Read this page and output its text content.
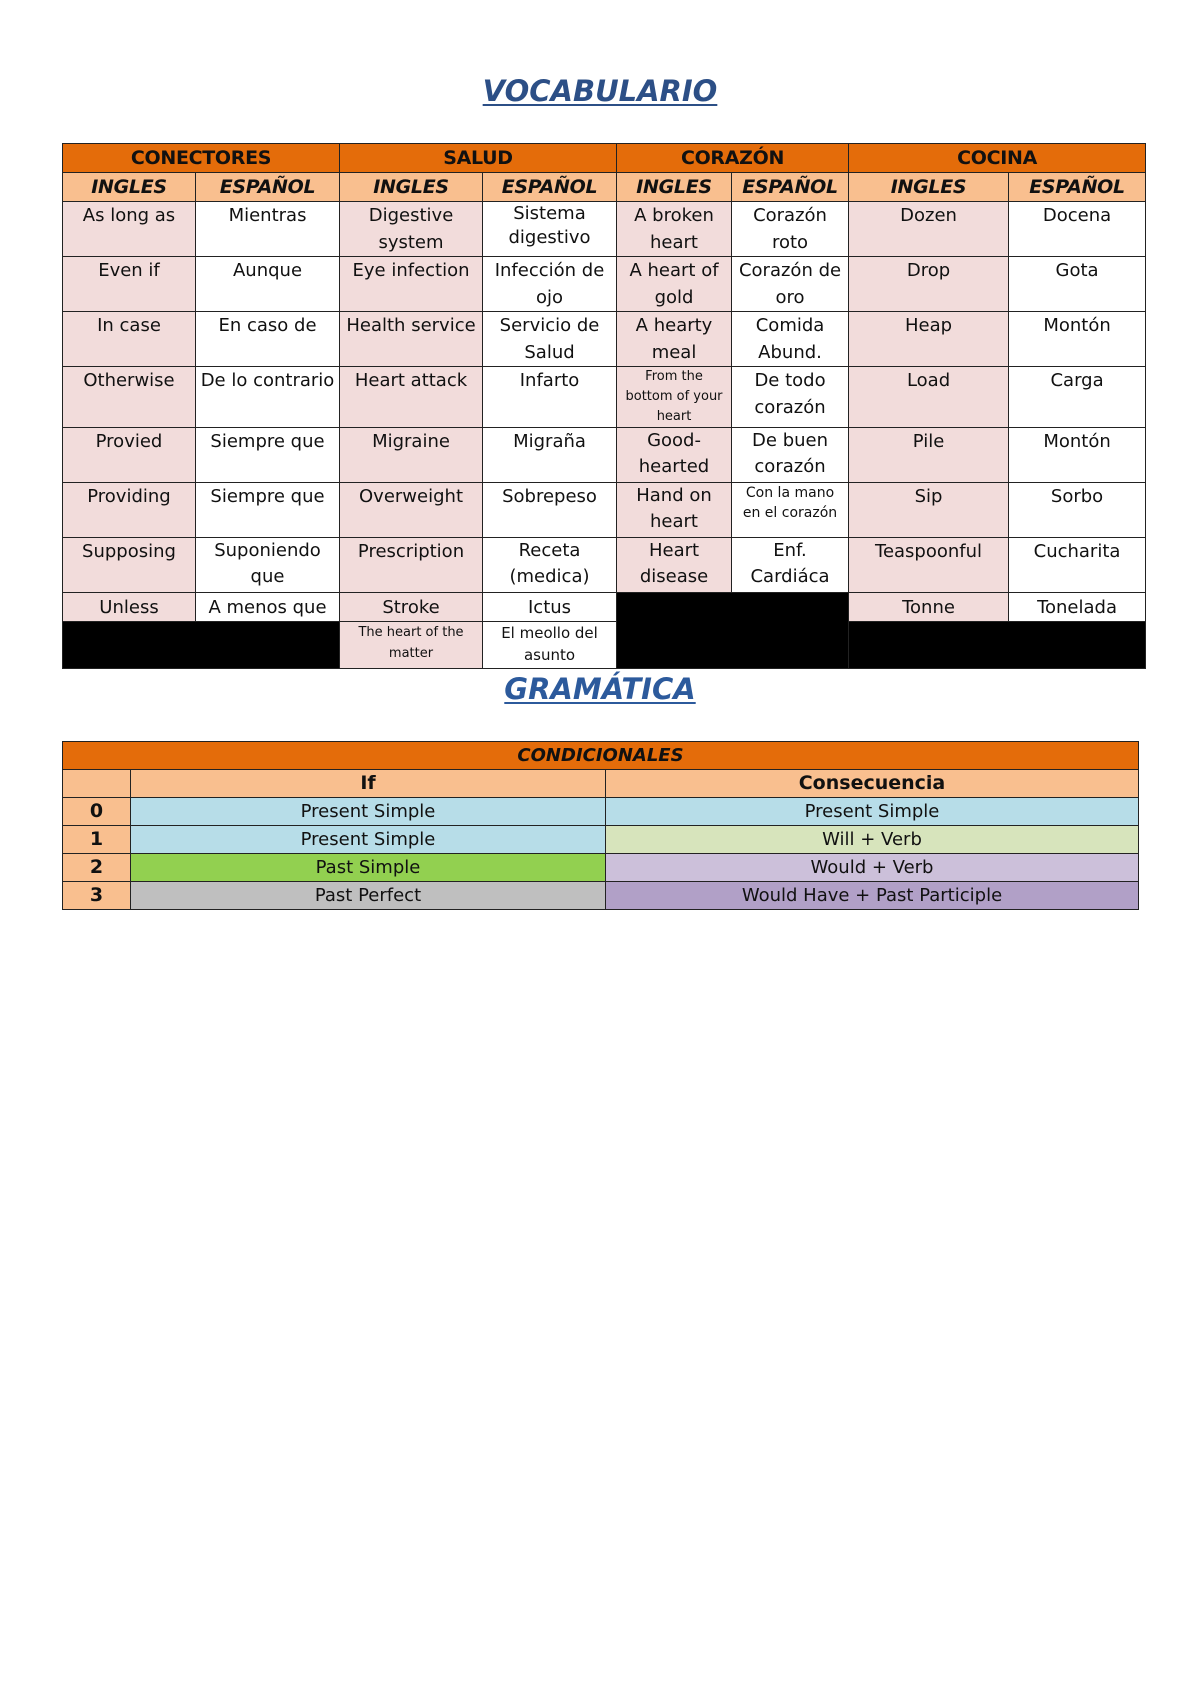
VOCABULARIO
CONECTORES		SALUD		CORAZÓN		COCINA	
INGLES	ESPAÑOL	INGLES	ESPAÑOL	INGLES	ESPAÑOL	INGLES	ESPAÑOL
As long as	Mientras	Digestive system	Sistema digestivo	A broken heart	Corazón roto	Dozen	Docena
Even if	Aunque	Eye infection	Infección de ojo	A heart of gold	Corazón de oro	Drop	Gota
In case	En caso de	Health service	Servicio de Salud	A hearty meal	Comida Abund.	Heap	Montón
Otherwise	De lo contrario	Heart attack	Infarto	From the bottom of your heart	De todo corazón	Load	Carga
Provied	Siempre que	Migraine	Migraña	Good-hearted	De buen corazón	Pile	Montón
Providing	Siempre que	Overweight	Sobrepeso	Hand on heart	Con la mano en el corazón	Sip	Sorbo
Supposing	Suponiendo que	Prescription	Receta (medica)	Heart disease	Enf. Cardiáca	Teaspoonful	Cucharita
Unless	A menos que	Stroke	Ictus			Tonne	Tonelada
		The heart of the matter	El meollo del asunto				
GRAMÁTICA
CONDICIONALES		
	If	Consecuencia
0	Present Simple	Present Simple
1	Present Simple	Will + Verb
2	Past Simple	Would + Verb
3	Past Perfect	Would Have + Past Participle
